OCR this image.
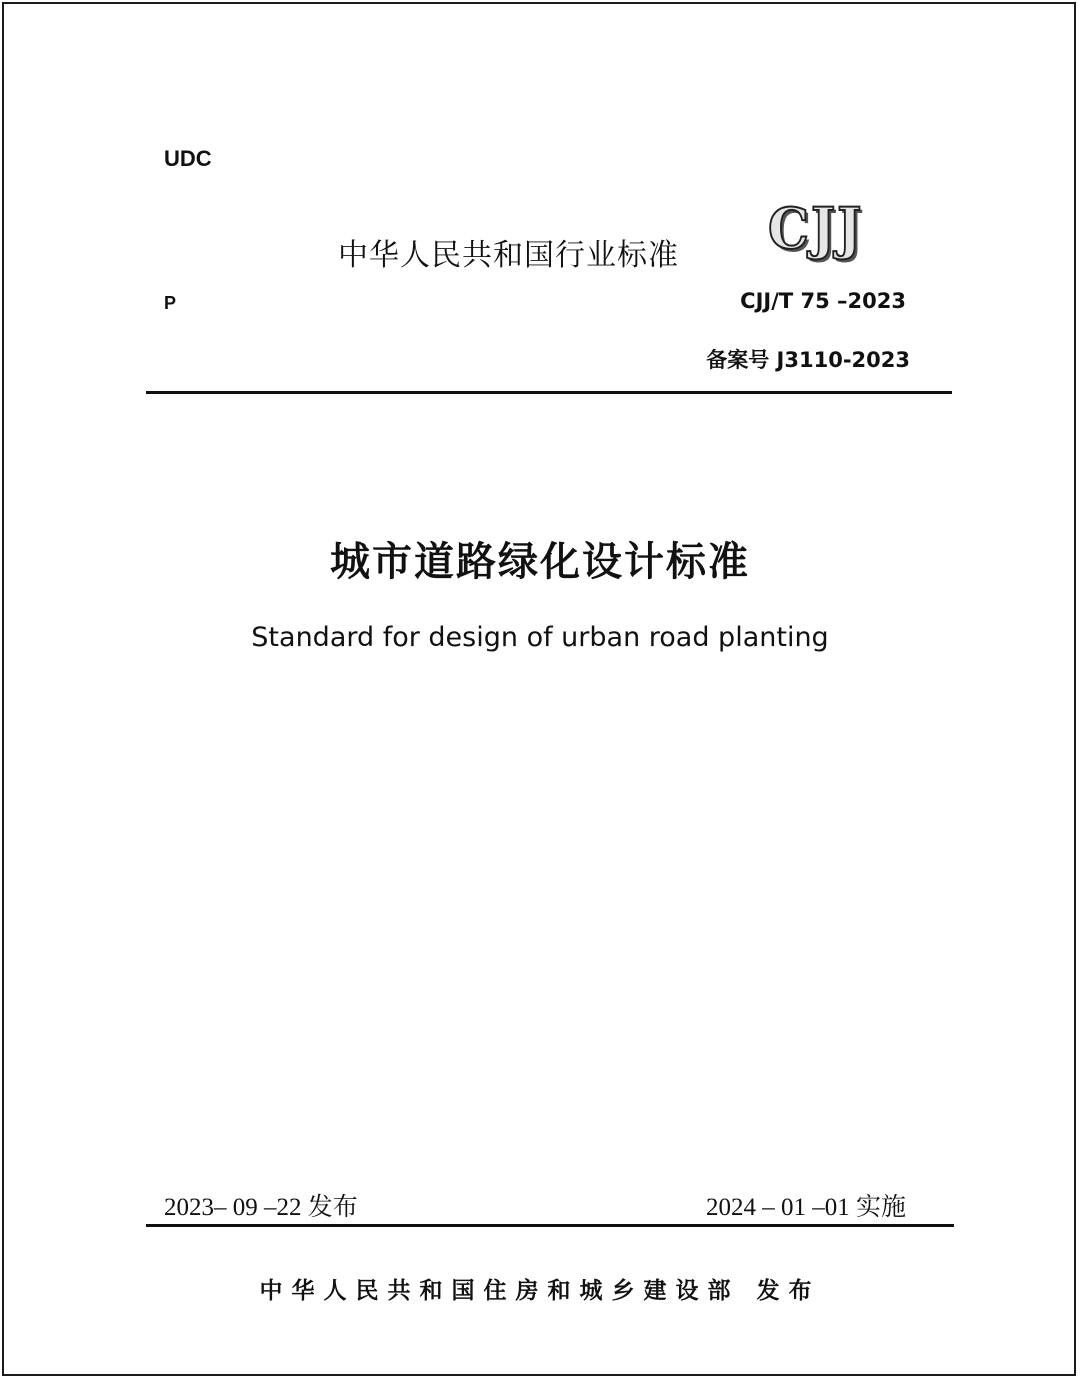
UDC
中华人民共和国行业标准 CJJ
P	CJJ/T 75 –2023
备案号 J3110-2023
城市道路绿化设计标准
Standard for design of urban road planting
2023– 09 –22 发布	2024 – 01 –01 实施
中华人民共和国住房和城乡建设部 发布
